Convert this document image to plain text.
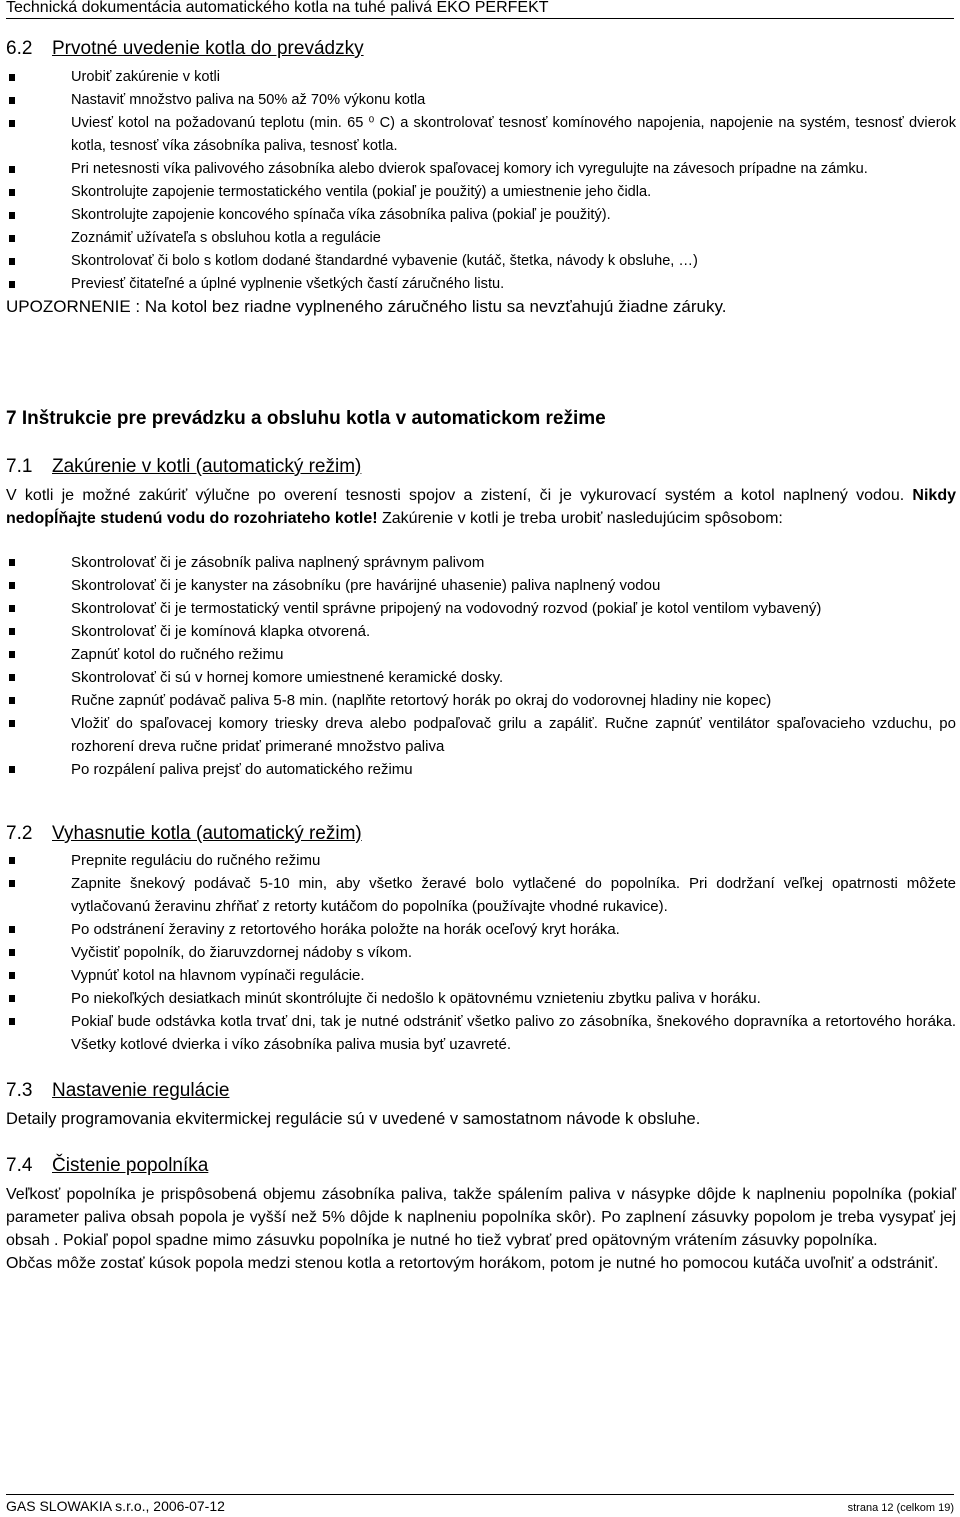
Technická dokumentácia automatického kotla na tuhé palivá EKO PERFEKT
6.2 Prvotné uvedenie kotla do prevádzky
Urobiť zakúrenie v kotli
Nastaviť množstvo paliva na 50% až 70% výkonu kotla
Uviesť kotol na požadovanú teplotu (min. 65 ⁰ C) a skontrolovať tesnosť komínového napojenia, napojenie na systém, tesnosť dvierok kotla, tesnosť víka zásobníka paliva, tesnosť kotla.
Pri netesnosti víka palivového zásobníka alebo dvierok spaľovacej komory ich vyregulujte na závesoch prípadne na zámku.
Skontrolujte zapojenie termostatického ventila (pokiaľ je použitý) a umiestnenie jeho čidla.
Skontrolujte zapojenie koncového spínača víka zásobníka paliva (pokiaľ je použitý).
Zoznámiť užívateľa s obsluhou kotla a regulácie
Skontrolovať či bolo s kotlom dodané štandardné vybavenie (kutáč, štetka, návody k obsluhe, …)
Previesť čitateľné a úplné vyplnenie všetkých častí záručného listu.
UPOZORNENIE : Na kotol bez riadne vyplneného záručného listu sa nevzťahujú žiadne záruky.
7 Inštrukcie pre prevádzku a obsluhu kotla v automatickom režime
7.1 Zakúrenie v kotli (automatický režim)
V kotli je možné zakúriť výlučne po overení tesnosti spojov a zistení, či je vykurovací systém a kotol naplnený vodou. Nikdy nedopĺňajte studenú vodu do rozohriateho kotle! Zakúrenie v kotli je treba urobiť nasledujúcim spôsobom:
Skontrolovať či je zásobník paliva naplnený správnym palivom
Skontrolovať či je kanyster na zásobníku (pre havárijné uhasenie) paliva naplnený vodou
Skontrolovať či je termostatický ventil správne pripojený na vodovodný rozvod (pokiaľ je kotol ventilom vybavený)
Skontrolovať či je komínová klapka otvorená.
Zapnúť kotol do ručného režimu
Skontrolovať či sú v hornej komore umiestnené keramické dosky.
Ručne zapnúť podávač paliva 5-8 min. (naplňte retortový horák po okraj do vodorovnej hladiny nie kopec)
Vložiť do spaľovacej komory triesky dreva alebo podpaľovač grilu a zapáliť. Ručne zapnúť ventilátor spaľovacieho vzduchu, po rozhorení dreva ručne pridať primerané množstvo paliva
Po rozpálení paliva prejsť do automatického režimu
7.2 Vyhasnutie kotla (automatický režim)
Prepnite reguláciu do ručného režimu
Zapnite šnekový podávač 5-10 min, aby všetko žeravé bolo vytlačené do popolníka. Pri dodržaní veľkej opatrnosti môžete vytlačovanú žeravinu zhŕňať z retorty kutáčom do popolníka (používajte vhodné rukavice).
Po odstránení žeraviny z retortového horáka položte na horák oceľový kryt horáka.
Vyčistiť popolník, do žiaruvzdornej nádoby s víkom.
Vypnúť kotol na hlavnom vypínači regulácie.
Po niekoľkých desiatkach minút skontrólujte či nedošlo k opätovnému vznieteniu zbytku paliva v horáku.
Pokiaľ bude odstávka kotla trvať dni, tak je nutné odstrániť všetko palivo zo zásobníka, šnekového dopravníka a retortového horáka. Všetky kotlové dvierka i víko zásobníka paliva musia byť uzavreté.
7.3 Nastavenie regulácie
Detaily programovania ekvitermickej regulácie sú v uvedené v samostatnom návode k obsluhe.
7.4 Čistenie popolníka
Veľkosť popolníka je prispôsobená objemu zásobníka paliva, takže spálením paliva v násypke dôjde k naplneniu popolníka (pokiaľ parameter paliva obsah popola je vyšší než 5% dôjde k naplneniu popolníka skôr). Po zaplnení zásuvky popolom je treba vysypať jej obsah . Pokiaľ popol spadne mimo zásuvku popolníka je nutné ho tiež vybrať pred opätovným vrátením zásuvky popolníka.
Občas môže zostať kúsok popola medzi stenou kotla a retortovým horákom, potom je nutné ho pomocou kutáča uvoľniť a odstrániť.
GAS SLOWAKIA s.r.o., 2006-07-12	strana 12 (celkom 19)
